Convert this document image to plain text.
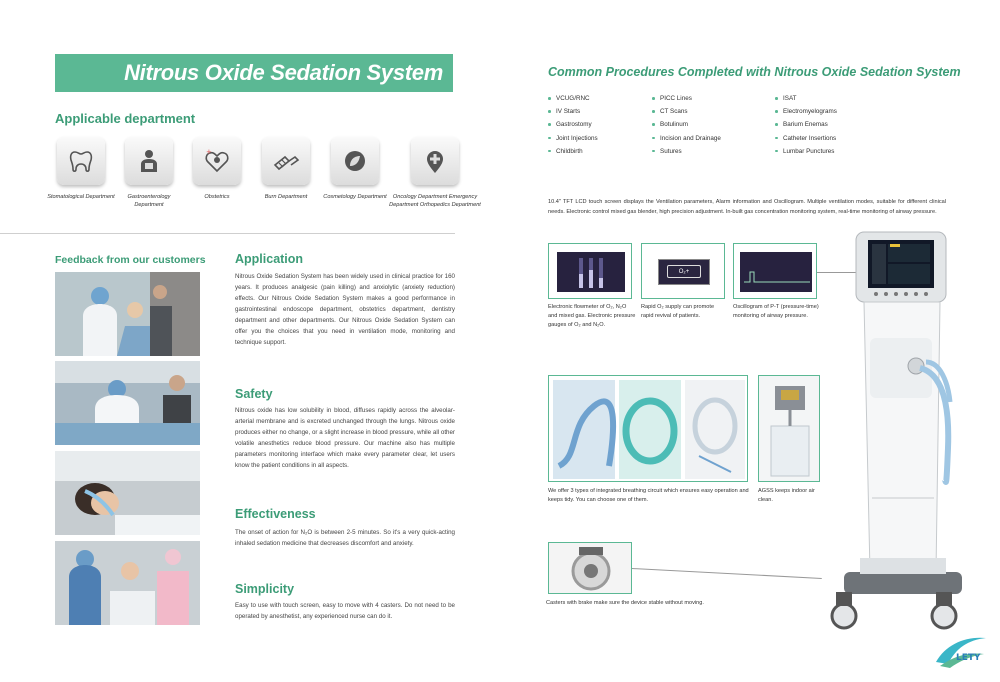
Nitrous Oxide Sedation System
Applicable department
Stomatological Department	Gastroenterology Department
+
Obstetrics	Burn Department	Cosmetology Department	Oncology Department Emergency Department Orthopedics Department
Feedback from our customers Application
Nitrous Oxide Sedation System has been widely used in clinical practice for 160 years. It produces analgesic (pain killing) and anxiolytic (anxiety reduction) effects. Our Nitrous Oxide Sedation System makes a good performance in gastrointestinal endoscope department, obstetrics department, dentistry department and other departments. Our Nitrous Oxide Sedation System can offer you the choices that you need in ventilation mode, monitoring and technique support.
Safety
Nitrous oxide has low solubility in blood, diffuses rapidly across the alveolar-arterial membrane and is excreted unchanged through the lungs. Nitrous oxide produces either no change, or a slight increase in blood pressure, while all other volatile anesthetics reduce blood pressure. Our machine also has multiple parameters monitoring interface which make every parameter clear, let users know the patient conditions in all aspects.
Effectiveness
The onset of action for N₂O is between 2-5 minutes. So it's a very quick-acting inhaled sedation medicine that decreases discomfort and anxiety.
Simplicity
Easy to use with touch screen, easy to move with 4 casters. Do not need to be operated by anesthetist, any experienced nurse can do it.
Common Procedures Completed with Nitrous Oxide Sedation System
VCUG/RNC
IV Starts
Gastrostomy
Joint Injections
Childbirth
PICC Lines
CT Scans
Botulinum
Incision and Drainage
Sutures
ISAT
Electromyelograms
Barium Enemas
Catheter Insertions
Lumbar Punctures
10.4" TFT LCD touch screen displays the Ventilation parameters, Alarm information and Oscillogram. Multiple ventilation modes, suitable for different clinical needs. Electronic control mixed gas blender, high precision adjustment. In-built gas concentration monitoring system, real-time monitoring of airway pressure.
O₂+
Electronic flowmeter of O₂, N₂O and mixed gas. Electronic pressure gauges of O₂ and N₂O.
Rapid O₂ supply can promote rapid revival of patients.
Oscillogram of P-T (pressure-time) monitoring of airway pressure.
We offer 3 types of integrated breathing circuit which ensures easy operation and keeps tidy. You can choose one of them.
AGSS keeps indoor air clean.
Casters with brake make sure the device stable without moving.
LETY
